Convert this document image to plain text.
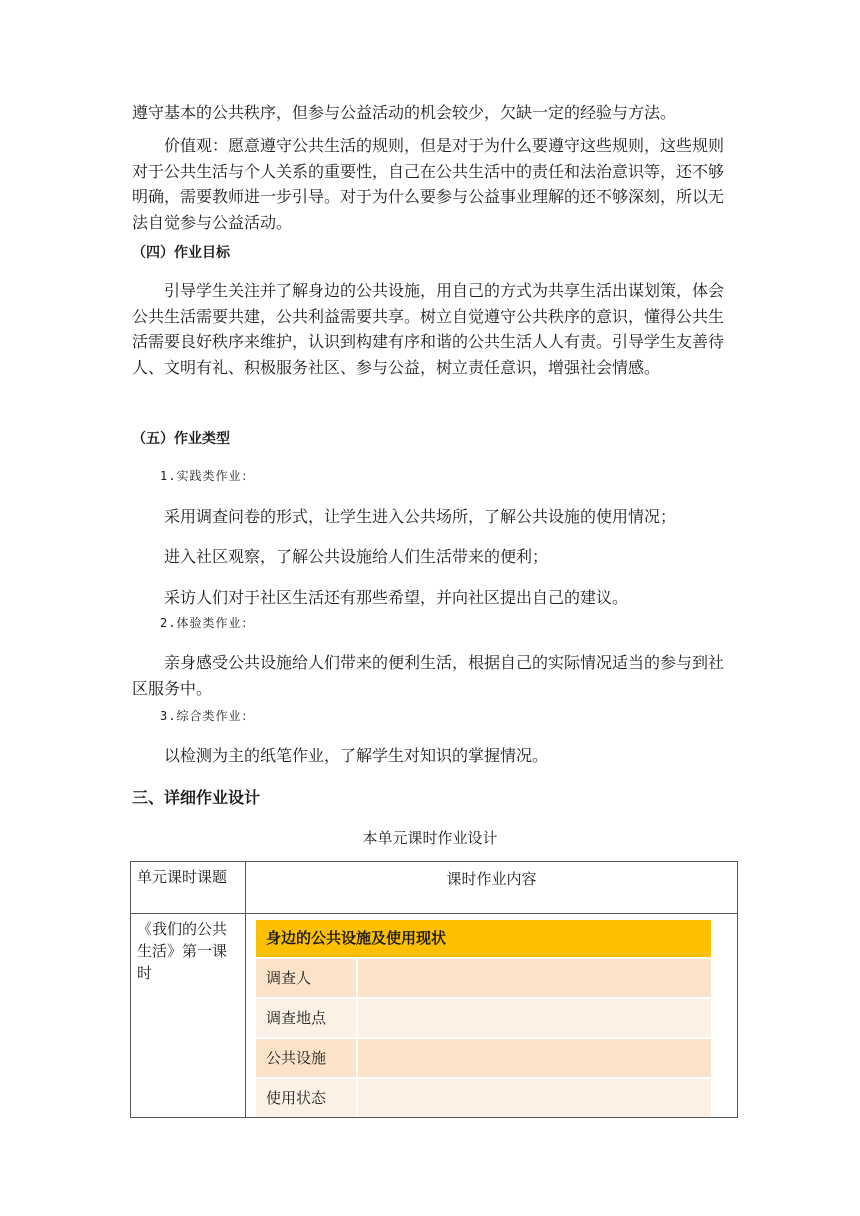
遵守基本的公共秩序，但参与公益活动的机会较少，欠缺一定的经验与方法。

价值观：愿意遵守公共生活的规则，但是对于为什么要遵守这些规则，这些规则对于公共生活与个人关系的重要性，自己在公共生活中的责任和法治意识等，还不够明确，需要教师进一步引导。对于为什么要参与公益事业理解的还不够深刻，所以无法自觉参与公益活动。

（四）作业目标

引导学生关注并了解身边的公共设施，用自己的方式为共享生活出谋划策，体会公共生活需要共建，公共利益需要共享。树立自觉遵守公共秩序的意识，懂得公共生活需要良好秩序来维护，认识到构建有序和谐的公共生活人人有责。引导学生友善待人、文明有礼、积极服务社区、参与公益，树立责任意识，增强社会情感。

（五）作业类型

1.实践类作业：

采用调查问卷的形式，让学生进入公共场所，了解公共设施的使用情况；

进入社区观察，了解公共设施给人们生活带来的便利；

采访人们对于社区生活还有那些希望，并向社区提出自己的建议。

2.体验类作业：

亲身感受公共设施给人们带来的便利生活，根据自己的实际情况适当的参与到社区服务中。

3.综合类作业：

以检测为主的纸笔作业，了解学生对知识的掌握情况。

三、详细作业设计

本单元课时作业设计

单元课时课题	课时作业内容
《我们的公共生活》第一课时	身边的公共设施及使用现状
调查人
调查地点
公共设施
使用状态
